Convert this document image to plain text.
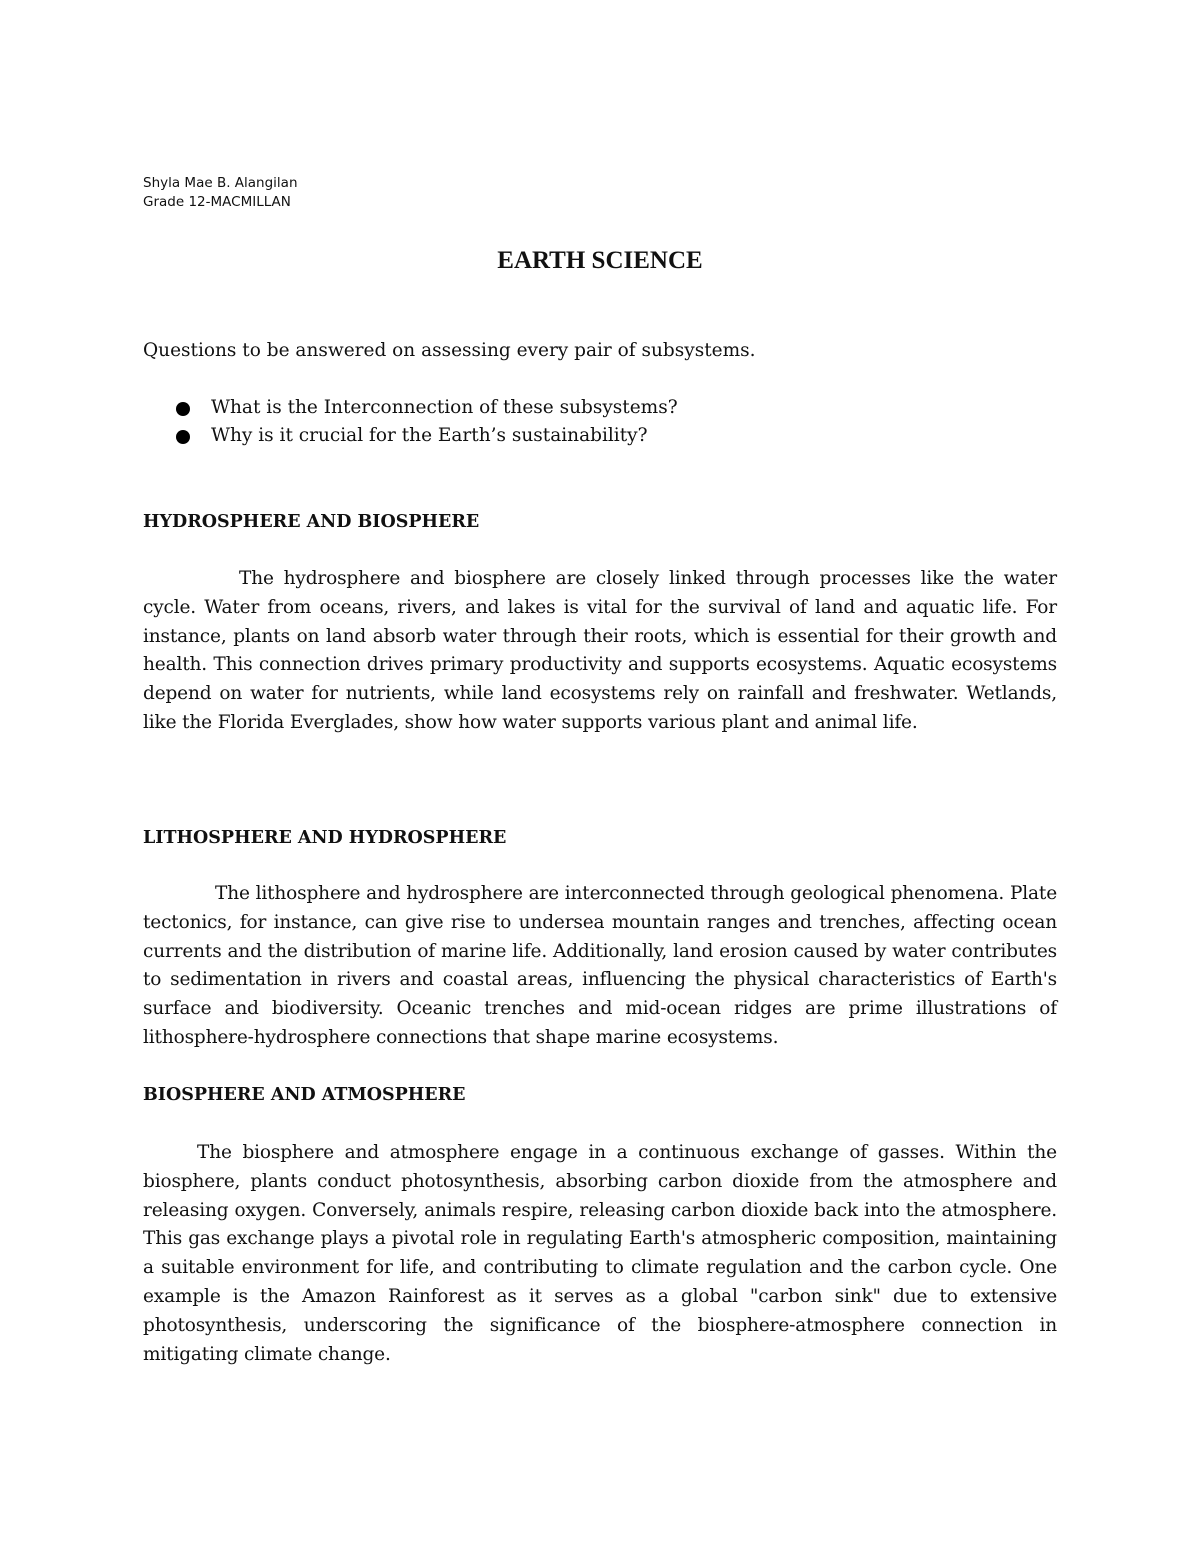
Shyla Mae B. Alangilan
Grade 12-MACMILLAN
EARTH SCIENCE
Questions to be answered on assessing every pair of subsystems.
What is the Interconnection of these subsystems?
Why is it crucial for the Earth’s sustainability?
HYDROSPHERE AND BIOSPHERE

The hydrosphere and biosphere are closely linked through processes like the water cycle. Water from oceans, rivers, and lakes is vital for the survival of land and aquatic life. For instance, plants on land absorb water through their roots, which is essential for their growth and health. This connection drives primary productivity and supports ecosystems. Aquatic ecosystems depend on water for nutrients, while land ecosystems rely on rainfall and freshwater. Wetlands, like the Florida Everglades, show how water supports various plant and animal life.

LITHOSPHERE AND HYDROSPHERE

The lithosphere and hydrosphere are interconnected through geological phenomena. Plate tectonics, for instance, can give rise to undersea mountain ranges and trenches, affecting ocean currents and the distribution of marine life. Additionally, land erosion caused by water contributes to sedimentation in rivers and coastal areas, influencing the physical characteristics of Earth's surface and biodiversity. Oceanic trenches and mid-ocean ridges are prime illustrations of lithosphere-hydrosphere connections that shape marine ecosystems.

BIOSPHERE AND ATMOSPHERE

The biosphere and atmosphere engage in a continuous exchange of gasses. Within the biosphere, plants conduct photosynthesis, absorbing carbon dioxide from the atmosphere and releasing oxygen. Conversely, animals respire, releasing carbon dioxide back into the atmosphere. This gas exchange plays a pivotal role in regulating Earth's atmospheric composition, maintaining a suitable environment for life, and contributing to climate regulation and the carbon cycle. One example is the Amazon Rainforest as it serves as a global "carbon sink" due to extensive photosynthesis, underscoring the significance of the biosphere-atmosphere connection in mitigating climate change.
